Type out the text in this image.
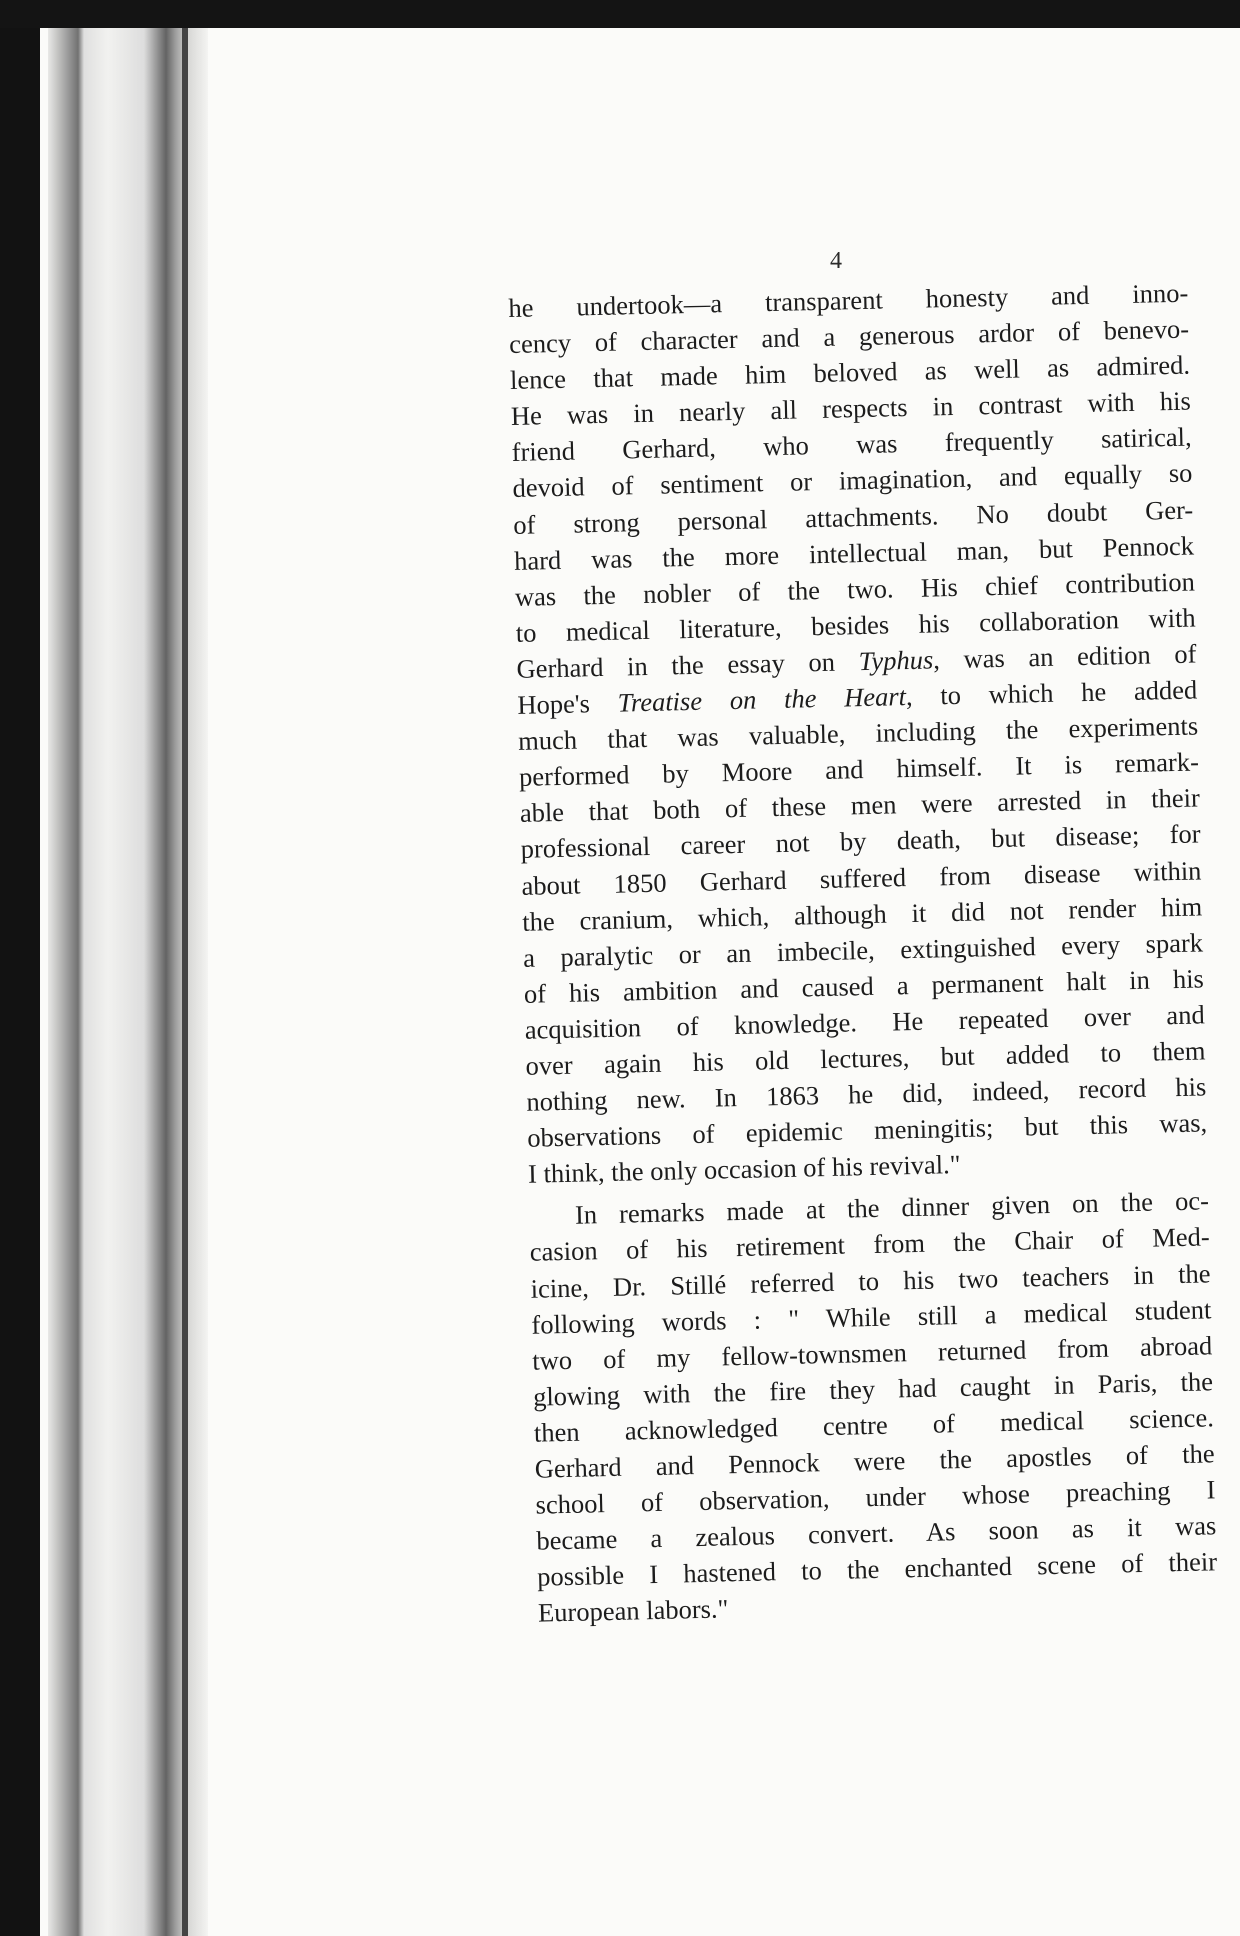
4
he undertook—a transparent honesty and inno-
cency of character and a generous ardor of benevo-
lence that made him beloved as well as admired.
He was in nearly all respects in contrast with his
friend Gerhard, who was frequently satirical,
devoid of sentiment or imagination, and equally so
of strong personal attachments. No doubt Ger-
hard was the more intellectual man, but Pennock
was the nobler of the two. His chief contribution
to medical literature, besides his collaboration with
Gerhard in the essay on Typhus, was an edition of
Hope's Treatise on the Heart, to which he added
much that was valuable, including the experiments
performed by Moore and himself. It is remark-
able that both of these men were arrested in their
professional career not by death, but disease; for
about 1850 Gerhard suffered from disease within
the cranium, which, although it did not render him
a paralytic or an imbecile, extinguished every spark
of his ambition and caused a permanent halt in his
acquisition of knowledge. He repeated over and
over again his old lectures, but added to them
nothing new. In 1863 he did, indeed, record his
observations of epidemic meningitis; but this was,
I think, the only occasion of his revival."
In remarks made at the dinner given on the oc-
casion of his retirement from the Chair of Med-
icine, Dr. Stillé referred to his two teachers in the
following words : " While still a medical student
two of my fellow-townsmen returned from abroad
glowing with the fire they had caught in Paris, the
then acknowledged centre of medical science.
Gerhard and Pennock were the apostles of the
school of observation, under whose preaching I
became a zealous convert. As soon as it was
possible I hastened to the enchanted scene of their
European labors."
